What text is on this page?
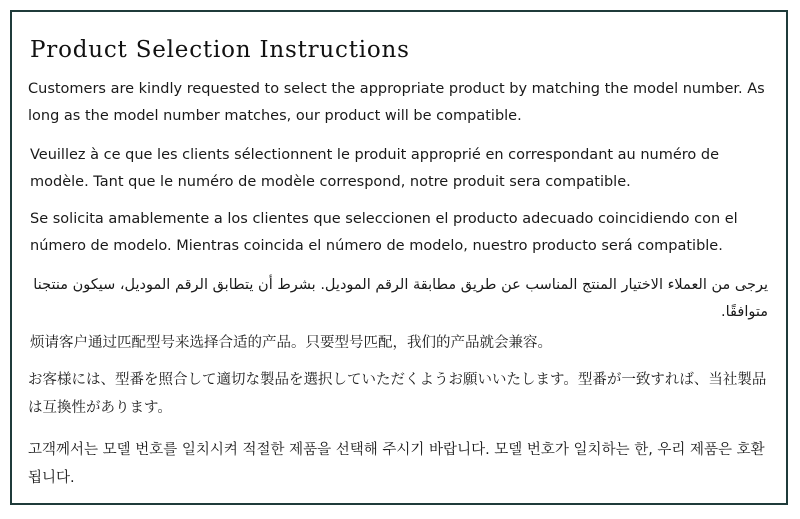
Product Selection Instructions

Customers are kindly requested to select the appropriate product by matching the model number. As long as the model number matches, our product will be compatible.

Veuillez à ce que les clients sélectionnent le produit approprié en correspondant au numéro de modèle. Tant que le numéro de modèle correspond, notre produit sera compatible.

Se solicita amablemente a los clientes que seleccionen el producto adecuado coincidiendo con el número de modelo. Mientras coincida el número de modelo, nuestro producto será compatible.

يرجى من العملاء الاختيار المنتج المناسب عن طريق مطابقة الرقم الموديل. بشرط أن يتطابق الرقم الموديل، سيكون منتجنا متوافقًا.

烦请客户通过匹配型号来选择合适的产品。只要型号匹配，我们的产品就会兼容。

お客様には、型番を照合して適切な製品を選択していただくようお願いいたします。型番が一致すれば、当社製品は互換性があります。

고객께서는 모델 번호를 일치시켜 적절한 제품을 선택해 주시기 바랍니다. 모델 번호가 일치하는 한, 우리 제품은 호환됩니다.
